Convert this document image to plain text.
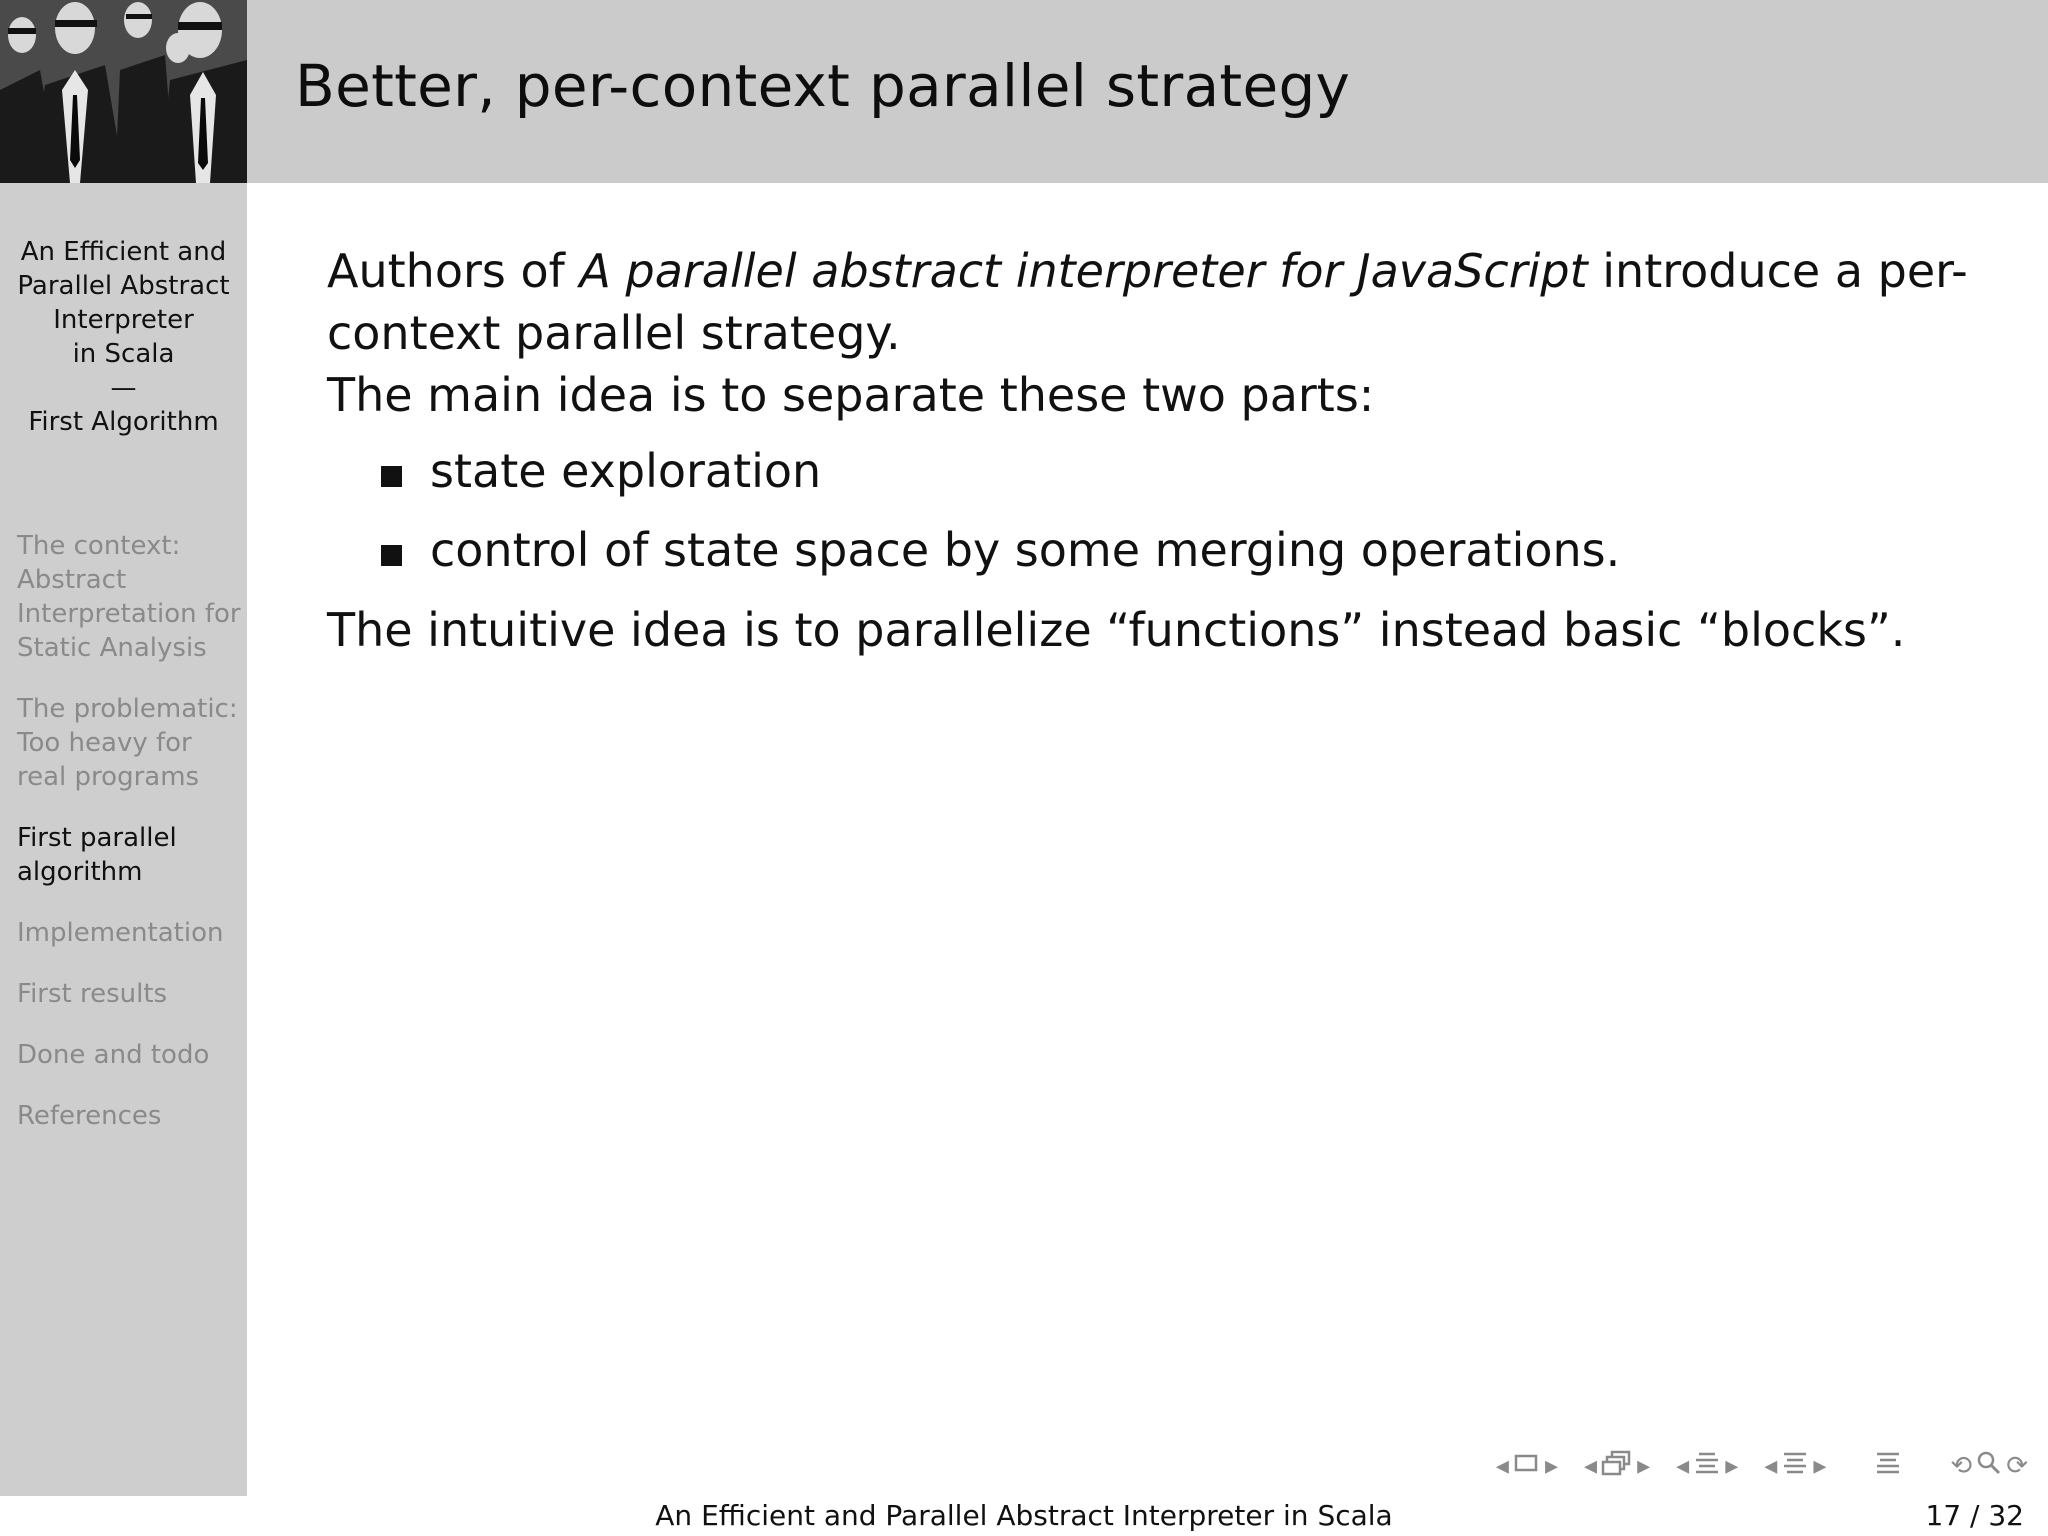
Better, per-context parallel strategy
An Efficient and
Parallel Abstract
Interpreter
in Scala
—
First Algorithm
The context: Abstract Interpretation for Static Analysis
The problematic: Too heavy for real programs
First parallel algorithm
Implementation
First results
Done and todo
References

Authors of A parallel abstract interpreter for JavaScript introduce a per-context parallel strategy.

The main idea is to separate these two parts:

state exploration
control of state space by some merging operations.

The intuitive idea is to parallelize “functions” instead basic “blocks”.

◂ ▸ ◂ ▸ ◂ ▸ ◂ ▸	⟲ ⟳
An Efficient and Parallel Abstract Interpreter in Scala	17 / 32
